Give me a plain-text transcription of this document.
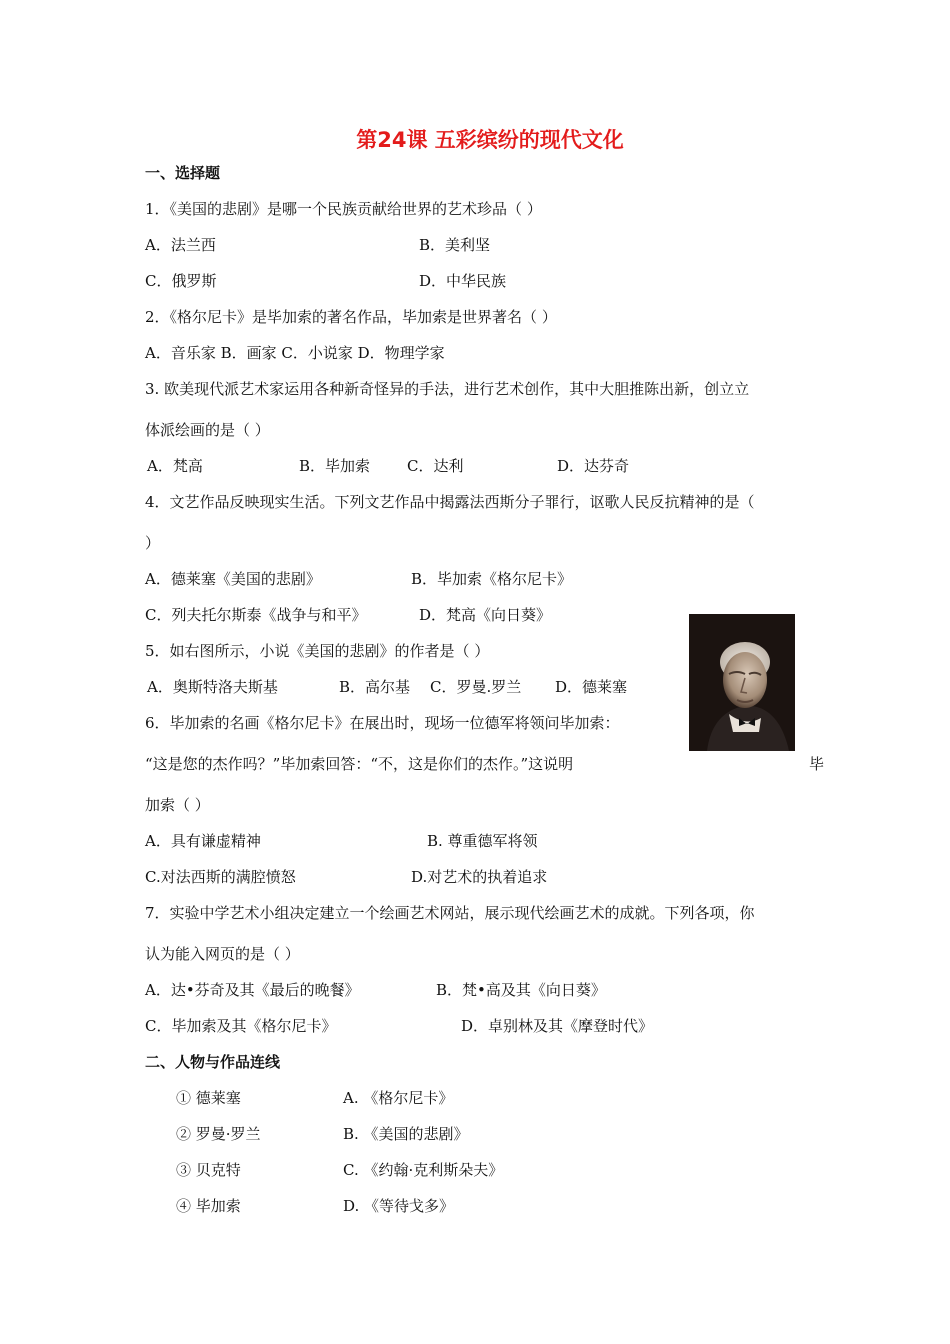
第24课 五彩缤纷的现代文化
一、选择题
1．《美国的悲剧》是哪一个民族贡献给世界的艺术珍品（ ）
A．法兰西	B．美利坚
C．俄罗斯	D．中华民族
2．《格尔尼卡》是毕加索的著名作品，毕加索是世界著名（ ）
A．音乐家 B．画家 C．小说家 D．物理学家
3. 欧美现代派艺术家运用各种新奇怪异的手法，进行艺术创作，其中大胆推陈出新，创立立
体派绘画的是（ ）
A．梵高	B．毕加索 C．达利	D．达芬奇
4．文艺作品反映现实生活。下列文艺作品中揭露法西斯分子罪行，讴歌人民反抗精神的是（
）
A．德莱塞《美国的悲剧》	B．毕加索《格尔尼卡》
C．列夫托尔斯泰《战争与和平》	D．梵高《向日葵》
5．如右图所示，小说《美国的悲剧》的作者是（ ）
A．奥斯特洛夫斯基	B．高尔基 C．罗曼.罗兰 D．德莱塞
6．毕加索的名画《格尔尼卡》在展出时，现场一位德军将领问毕加索：
“这是您的杰作吗？”毕加索回答：“不，这是你们的杰作。”这说明	毕
加索（ ）
A．具有谦虚精神	B. 尊重德军将领
C.对法西斯的满腔愤怒	D.对艺术的执着追求
7．实验中学艺术小组决定建立一个绘画艺术网站，展示现代绘画艺术的成就。下列各项，你
认为能入网页的是（ ）
A．达•芬奇及其《最后的晚餐》	B．梵•高及其《向日葵》
C．毕加索及其《格尔尼卡》	D．卓别林及其《摩登时代》
二、人物与作品连线
① 德莱塞	A. 《格尔尼卡》
② 罗曼·罗兰	B. 《美国的悲剧》
③ 贝克特	C. 《约翰·克利斯朵夫》
④ 毕加索	D. 《等待戈多》
